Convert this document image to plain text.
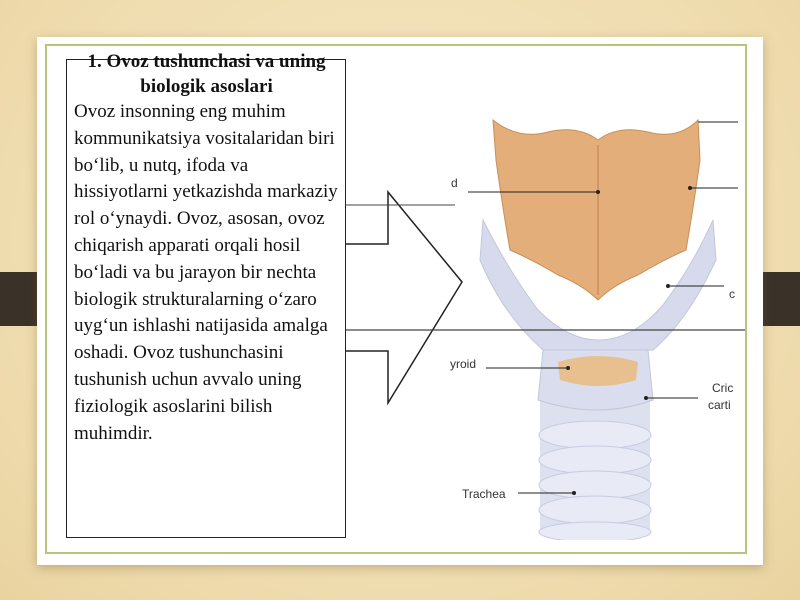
d
yroid
c
Cric
carti
Trachea
1. Ovoz tushunchasi va uning biologik asoslari

Ovoz insonning eng muhim kommunikatsiya vositalaridan biri bo‘lib, u nutq, ifoda va hissiyotlarni yetkazishda markaziy rol o‘ynaydi. Ovoz, asosan, ovoz chiqarish apparati orqali hosil bo‘ladi va bu jarayon bir nechta biologik strukturalarning o‘zaro uyg‘un ishlashi natijasida amalga oshadi. Ovoz tushunchasini tushunish uchun avvalo uning fiziologik asoslarini bilish muhimdir.
